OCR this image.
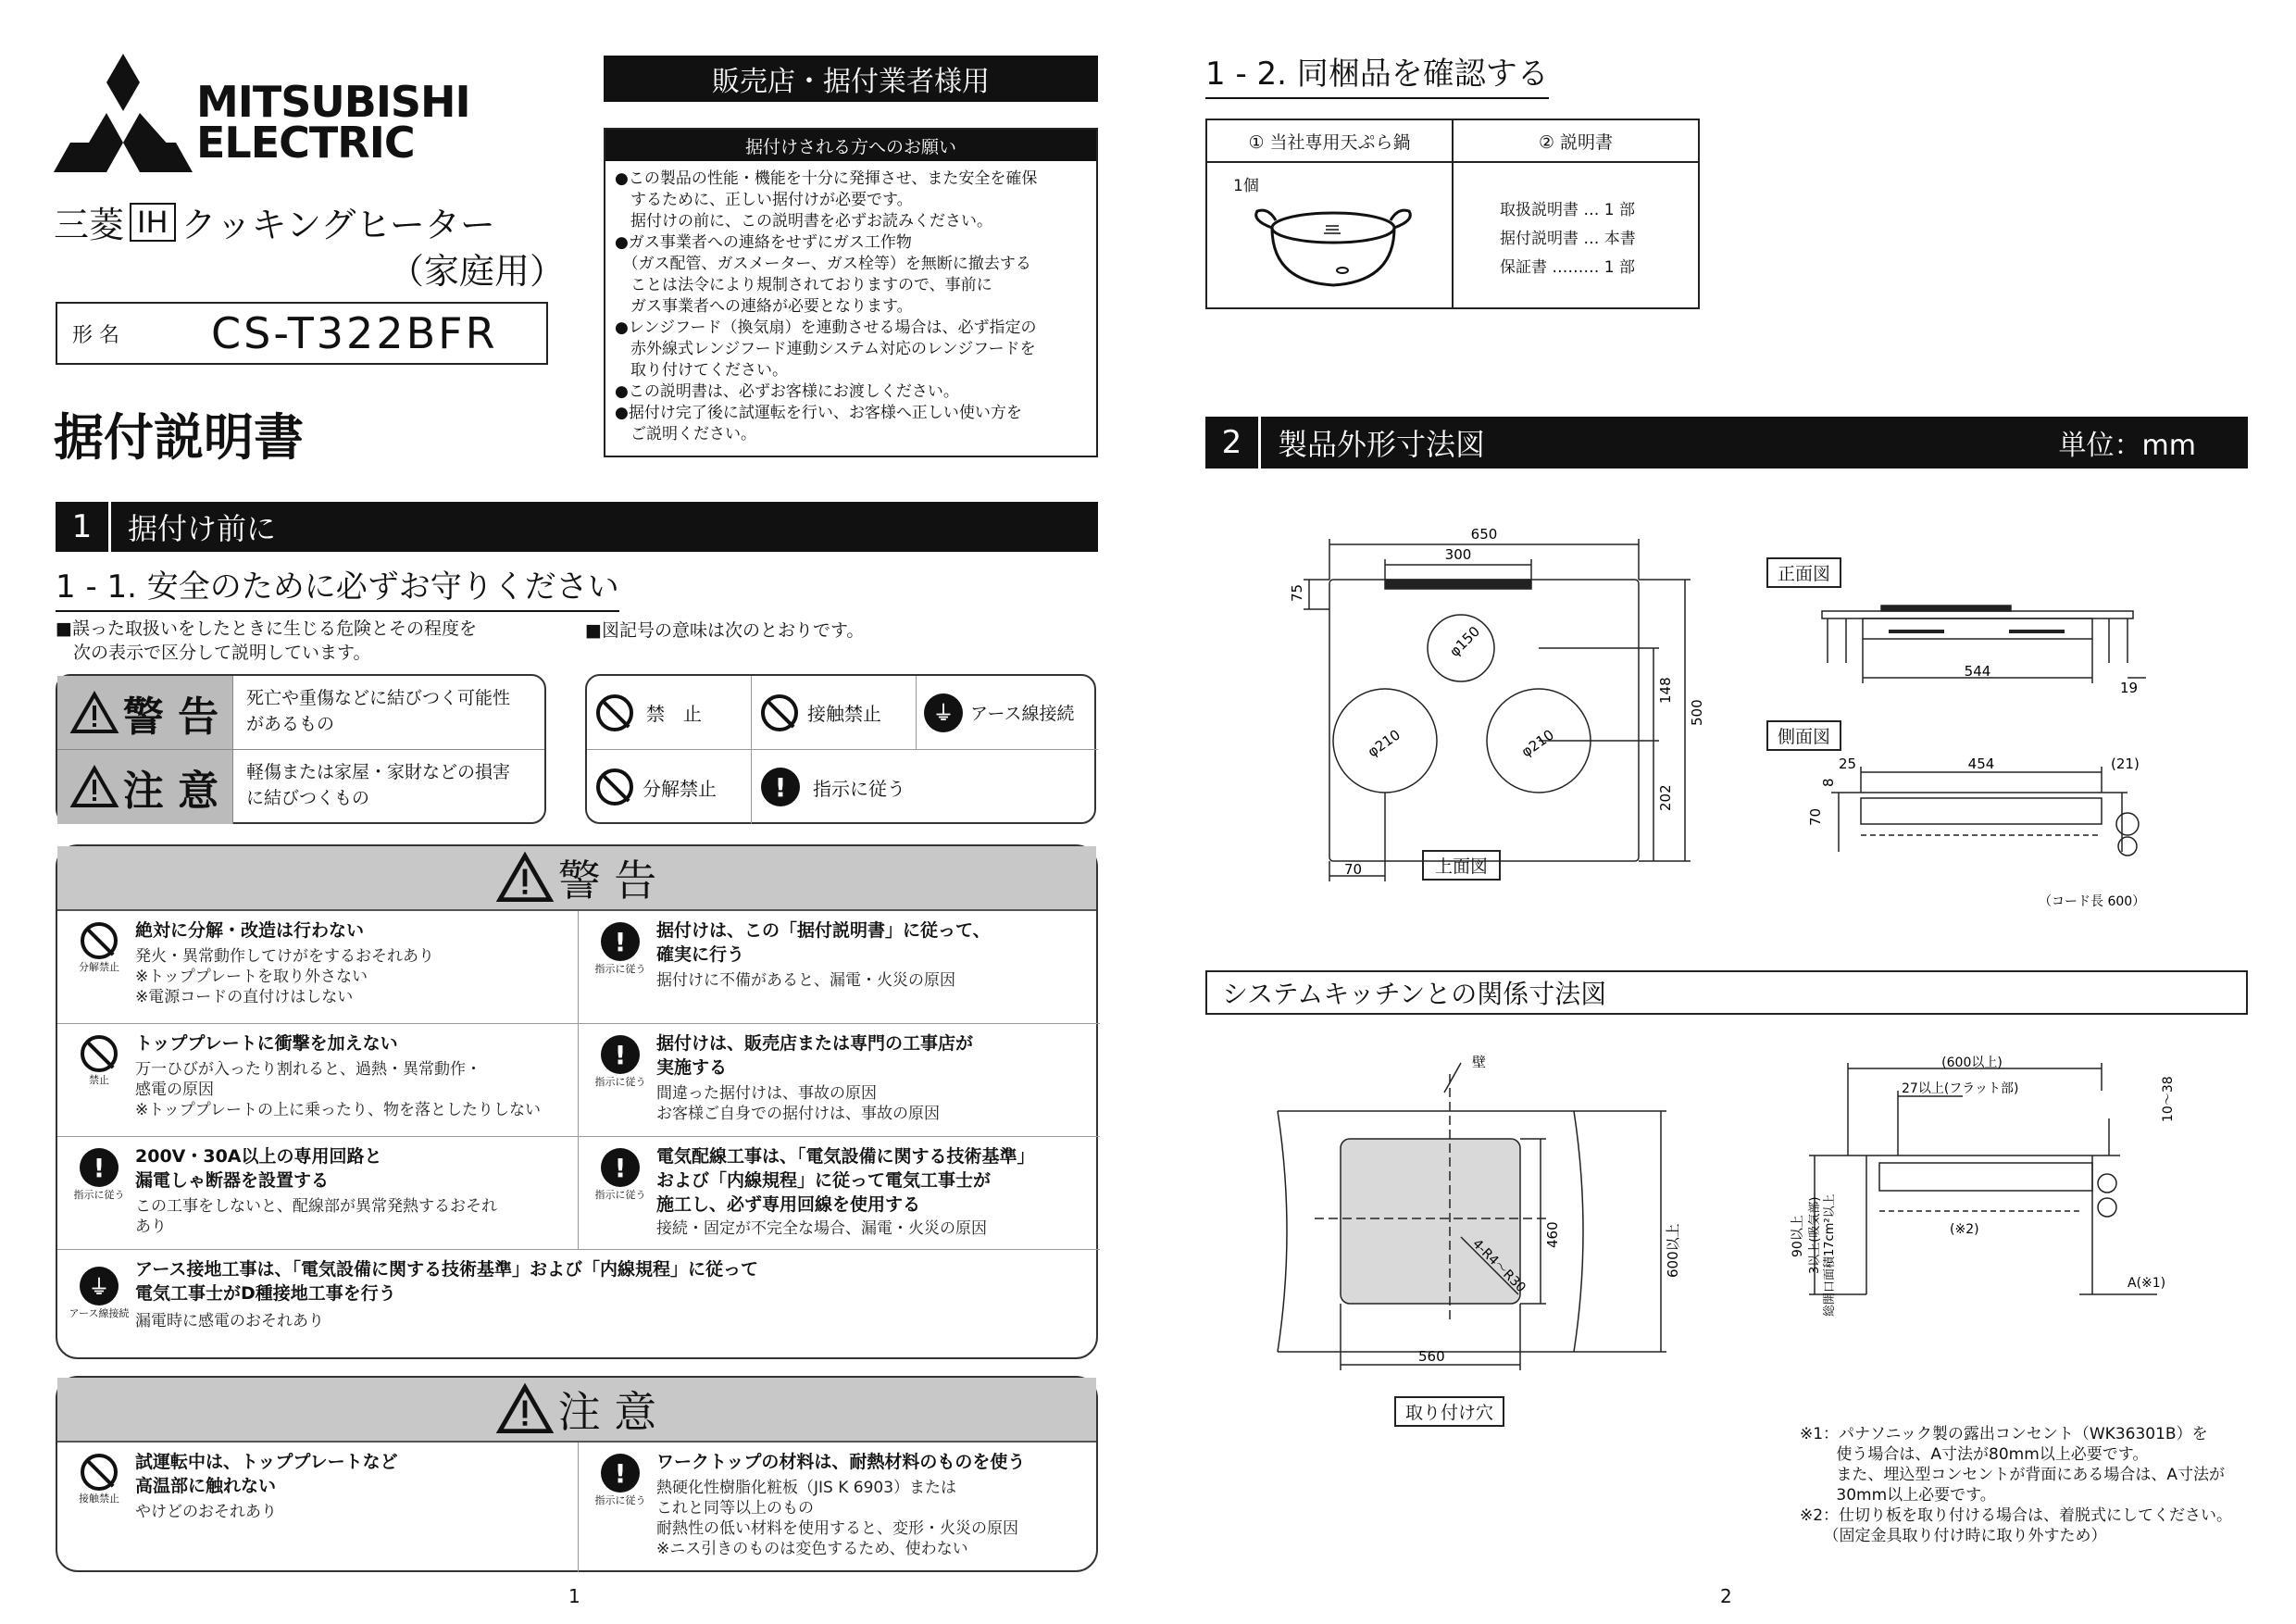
MITSUBISHI
ELECTRIC
三菱 IH クッキングヒーター
（家庭用）
形 名	CS-T322BFR
据付説明書
販売店・据付業者様用
据付けされる方へのお願い
●この製品の性能・機能を十分に発揮させ、また安全を確保
　するために、正しい据付けが必要です。
　据付けの前に、この説明書を必ずお読みください。
●ガス事業者への連絡をせずにガス工作物
　（ガス配管、ガスメーター、ガス栓等）を無断に撤去する
　ことは法令により規制されておりますので、事前に
　ガス事業者への連絡が必要となります。
●レンジフード（換気扇）を連動させる場合は、必ず指定の
　赤外線式レンジフード連動システム対応のレンジフードを
　取り付けてください。
●この説明書は、必ずお客様にお渡しください。
●据付け完了後に試運転を行い、お客様へ正しい使い方を
　ご説明ください。
1	据付け前に
1 - 1. 安全のために必ずお守りください
■誤った取扱いをしたときに生じる危険とその程度を
　次の表示で区分して説明しています。
■図記号の意味は次のとおりです。
警 告 死亡や重傷などに結びつく可能性
があるもの
注 意 軽傷または家屋・家財などの損害
に結びつくもの
禁　止	接触禁止	⏚ アース線接続
分解禁止	!	指示に従う
警 告
分解禁止
絶対に分解・改造は行わない
発火・異常動作してけがをするおそれあり
※トッププレートを取り外さない
※電源コードの直付けはしない
!
指示に従う
据付けは、この「据付説明書」に従って、
確実に行う
据付けに不備があると、漏電・火災の原因
禁止
トッププレートに衝撃を加えない
万一ひびが入ったり割れると、過熱・異常動作・
感電の原因
※トッププレートの上に乗ったり、物を落としたりしない
!
指示に従う
据付けは、販売店または専門の工事店が
実施する
間違った据付けは、事故の原因
お客様ご自身での据付けは、事故の原因
!
指示に従う
200V・30A以上の専用回路と
漏電しゃ断器を設置する
この工事をしないと、配線部が異常発熱するおそれ
あり
!
指示に従う
電気配線工事は、「電気設備に関する技術基準」
および「内線規程」に従って電気工事士が
施工し、必ず専用回線を使用する
接続・固定が不完全な場合、漏電・火災の原因
⏚
アース線接続
アース接地工事は、「電気設備に関する技術基準」および「内線規程」に従って
電気工事士がD種接地工事を行う
漏電時に感電のおそれあり
注 意
接触禁止
試運転中は、トッププレートなど
高温部に触れない
やけどのおそれあり
!
指示に従う
ワークトップの材料は、耐熱材料のものを使う
熱硬化性樹脂化粧板（JIS K 6903）または
これと同等以上のもの
耐熱性の低い材料を使用すると、変形・火災の原因
※ニス引きのものは変色するため、使わない
1
1 - 2. 同梱品を確認する
① 当社専用天ぷら鍋	② 説明書
1個
取扱説明書 … 1 部
据付説明書 … 本書
保証書 ……… 1 部
2	製品外形寸法図	単位：mm
650
300
75
148
500
202
70
φ150
φ210	φ210
上面図
正面図
544
19
側面図
25	454	(21)
8
70
（コード長 600）
システムキッチンとの関係寸法図
壁
460	600以上
560
4-R4～R30
取り付け穴
(600以上)
27以上(フラット部)	10～38
90以上 3以上(吸気部) 総開口面積17cm²以上	(※2)
A(※1)
※1：パナソニック製の露出コンセント（WK36301B）を
　　 使う場合は、A寸法が80mm以上必要です。
　　 また、埋込型コンセントが背面にある場合は、A寸法が
　　 30mm以上必要です。
※2：仕切り板を取り付ける場合は、着脱式にしてください。
　　（固定金具取り付け時に取り外すため）
2
